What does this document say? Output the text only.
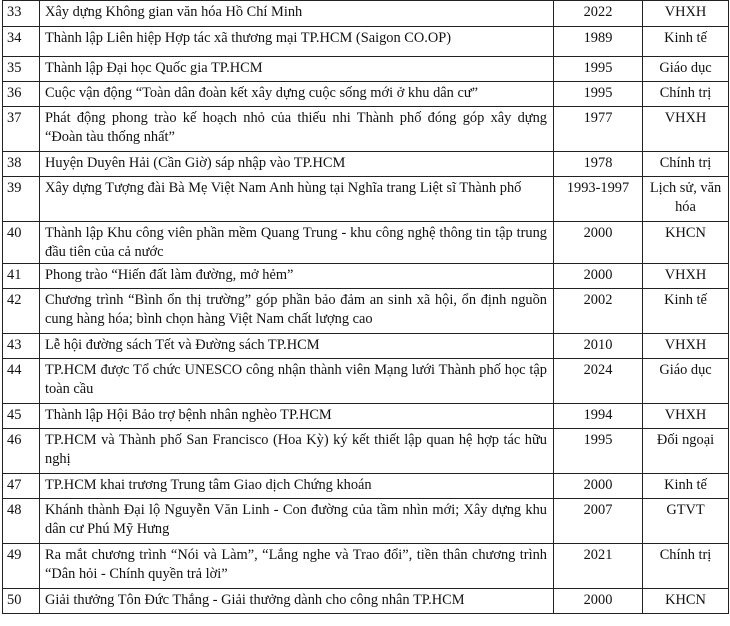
33	Xây dựng Không gian văn hóa Hồ Chí Minh	2022	VHXH
34	Thành lập Liên hiệp Hợp tác xã thương mại TP.HCM (Saigon CO.OP)	1989	Kinh tế
35	Thành lập Đại học Quốc gia TP.HCM	1995	Giáo dục
36	Cuộc vận động “Toàn dân đoàn kết xây dựng cuộc sống mới ở khu dân cư”	1995	Chính trị
37	Phát động phong trào kế hoạch nhỏ của thiếu nhi Thành phố đóng góp xây dựng “Đoàn tàu thống nhất”	1977	VHXH
38	Huyện Duyên Hải (Cần Giờ) sáp nhập vào TP.HCM	1978	Chính trị
39	Xây dựng Tượng đài Bà Mẹ Việt Nam Anh hùng tại Nghĩa trang Liệt sĩ Thành phố	1993-1997	Lịch sử, văn hóa
40	Thành lập Khu công viên phần mềm Quang Trung - khu công nghệ thông tin tập trung đầu tiên của cả nước	2000	KHCN
41	Phong trào “Hiến đất làm đường, mở hẻm”	2000	VHXH
42	Chương trình “Bình ổn thị trường” góp phần bảo đảm an sinh xã hội, ổn định nguồn cung hàng hóa; bình chọn hàng Việt Nam chất lượng cao	2002	Kinh tế
43	Lễ hội đường sách Tết và Đường sách TP.HCM	2010	VHXH
44	TP.HCM được Tổ chức UNESCO công nhận thành viên Mạng lưới Thành phố học tập toàn cầu	2024	Giáo dục
45	Thành lập Hội Bảo trợ bệnh nhân nghèo TP.HCM	1994	VHXH
46	TP.HCM và Thành phố San Francisco (Hoa Kỳ) ký kết thiết lập quan hệ hợp tác hữu nghị	1995	Đối ngoại
47	TP.HCM khai trương Trung tâm Giao dịch Chứng khoán	2000	Kinh tế
48	Khánh thành Đại lộ Nguyễn Văn Linh - Con đường của tầm nhìn mới; Xây dựng khu dân cư Phú Mỹ Hưng	2007	GTVT
49	Ra mắt chương trình “Nói và Làm”, “Lắng nghe và Trao đổi”, tiền thân chương trình “Dân hỏi - Chính quyền trả lời”	2021	Chính trị
50	Giải thưởng Tôn Đức Thắng - Giải thưởng dành cho công nhân TP.HCM	2000	KHCN
